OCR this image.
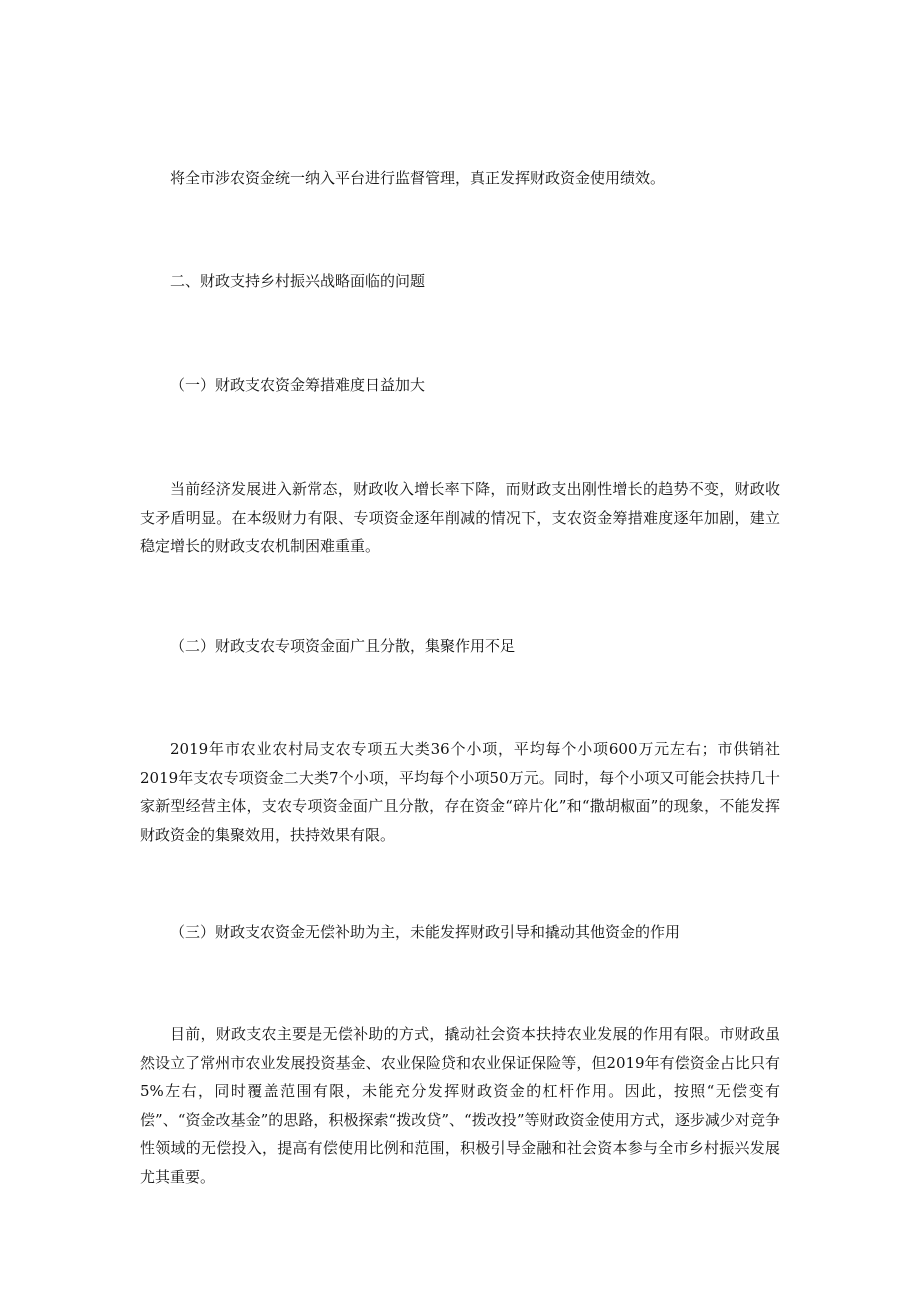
将全市涉农资金统一纳入平台进行监督管理，真正发挥财政资金使用绩效。

二、财政支持乡村振兴战略面临的问题

（一）财政支农资金筹措难度日益加大

当前经济发展进入新常态，财政收入增长率下降，而财政支出刚性增长的趋势不变，财政收支矛盾明显。在本级财力有限、专项资金逐年削减的情况下，支农资金筹措难度逐年加剧，建立稳定增长的财政支农机制困难重重。

（二）财政支农专项资金面广且分散，集聚作用不足

2019年市农业农村局支农专项五大类36个小项，平均每个小项600万元左右；市供销社2019年支农专项资金二大类7个小项，平均每个小项50万元。同时，每个小项又可能会扶持几十家新型经营主体，支农专项资金面广且分散，存在资金“碎片化”和“撒胡椒面”的现象，不能发挥财政资金的集聚效用，扶持效果有限。

（三）财政支农资金无偿补助为主，未能发挥财政引导和撬动其他资金的作用

目前，财政支农主要是无偿补助的方式，撬动社会资本扶持农业发展的作用有限。市财政虽然设立了常州市农业发展投资基金、农业保险贷和农业保证保险等，但2019年有偿资金占比只有5%左右，同时覆盖范围有限，未能充分发挥财政资金的杠杆作用。因此，按照“无偿变有偿”、“资金改基金”的思路，积极探索“拨改贷”、“拨改投”等财政资金使用方式，逐步减少对竞争性领域的无偿投入，提高有偿使用比例和范围，积极引导金融和社会资本参与全市乡村振兴发展尤其重要。
